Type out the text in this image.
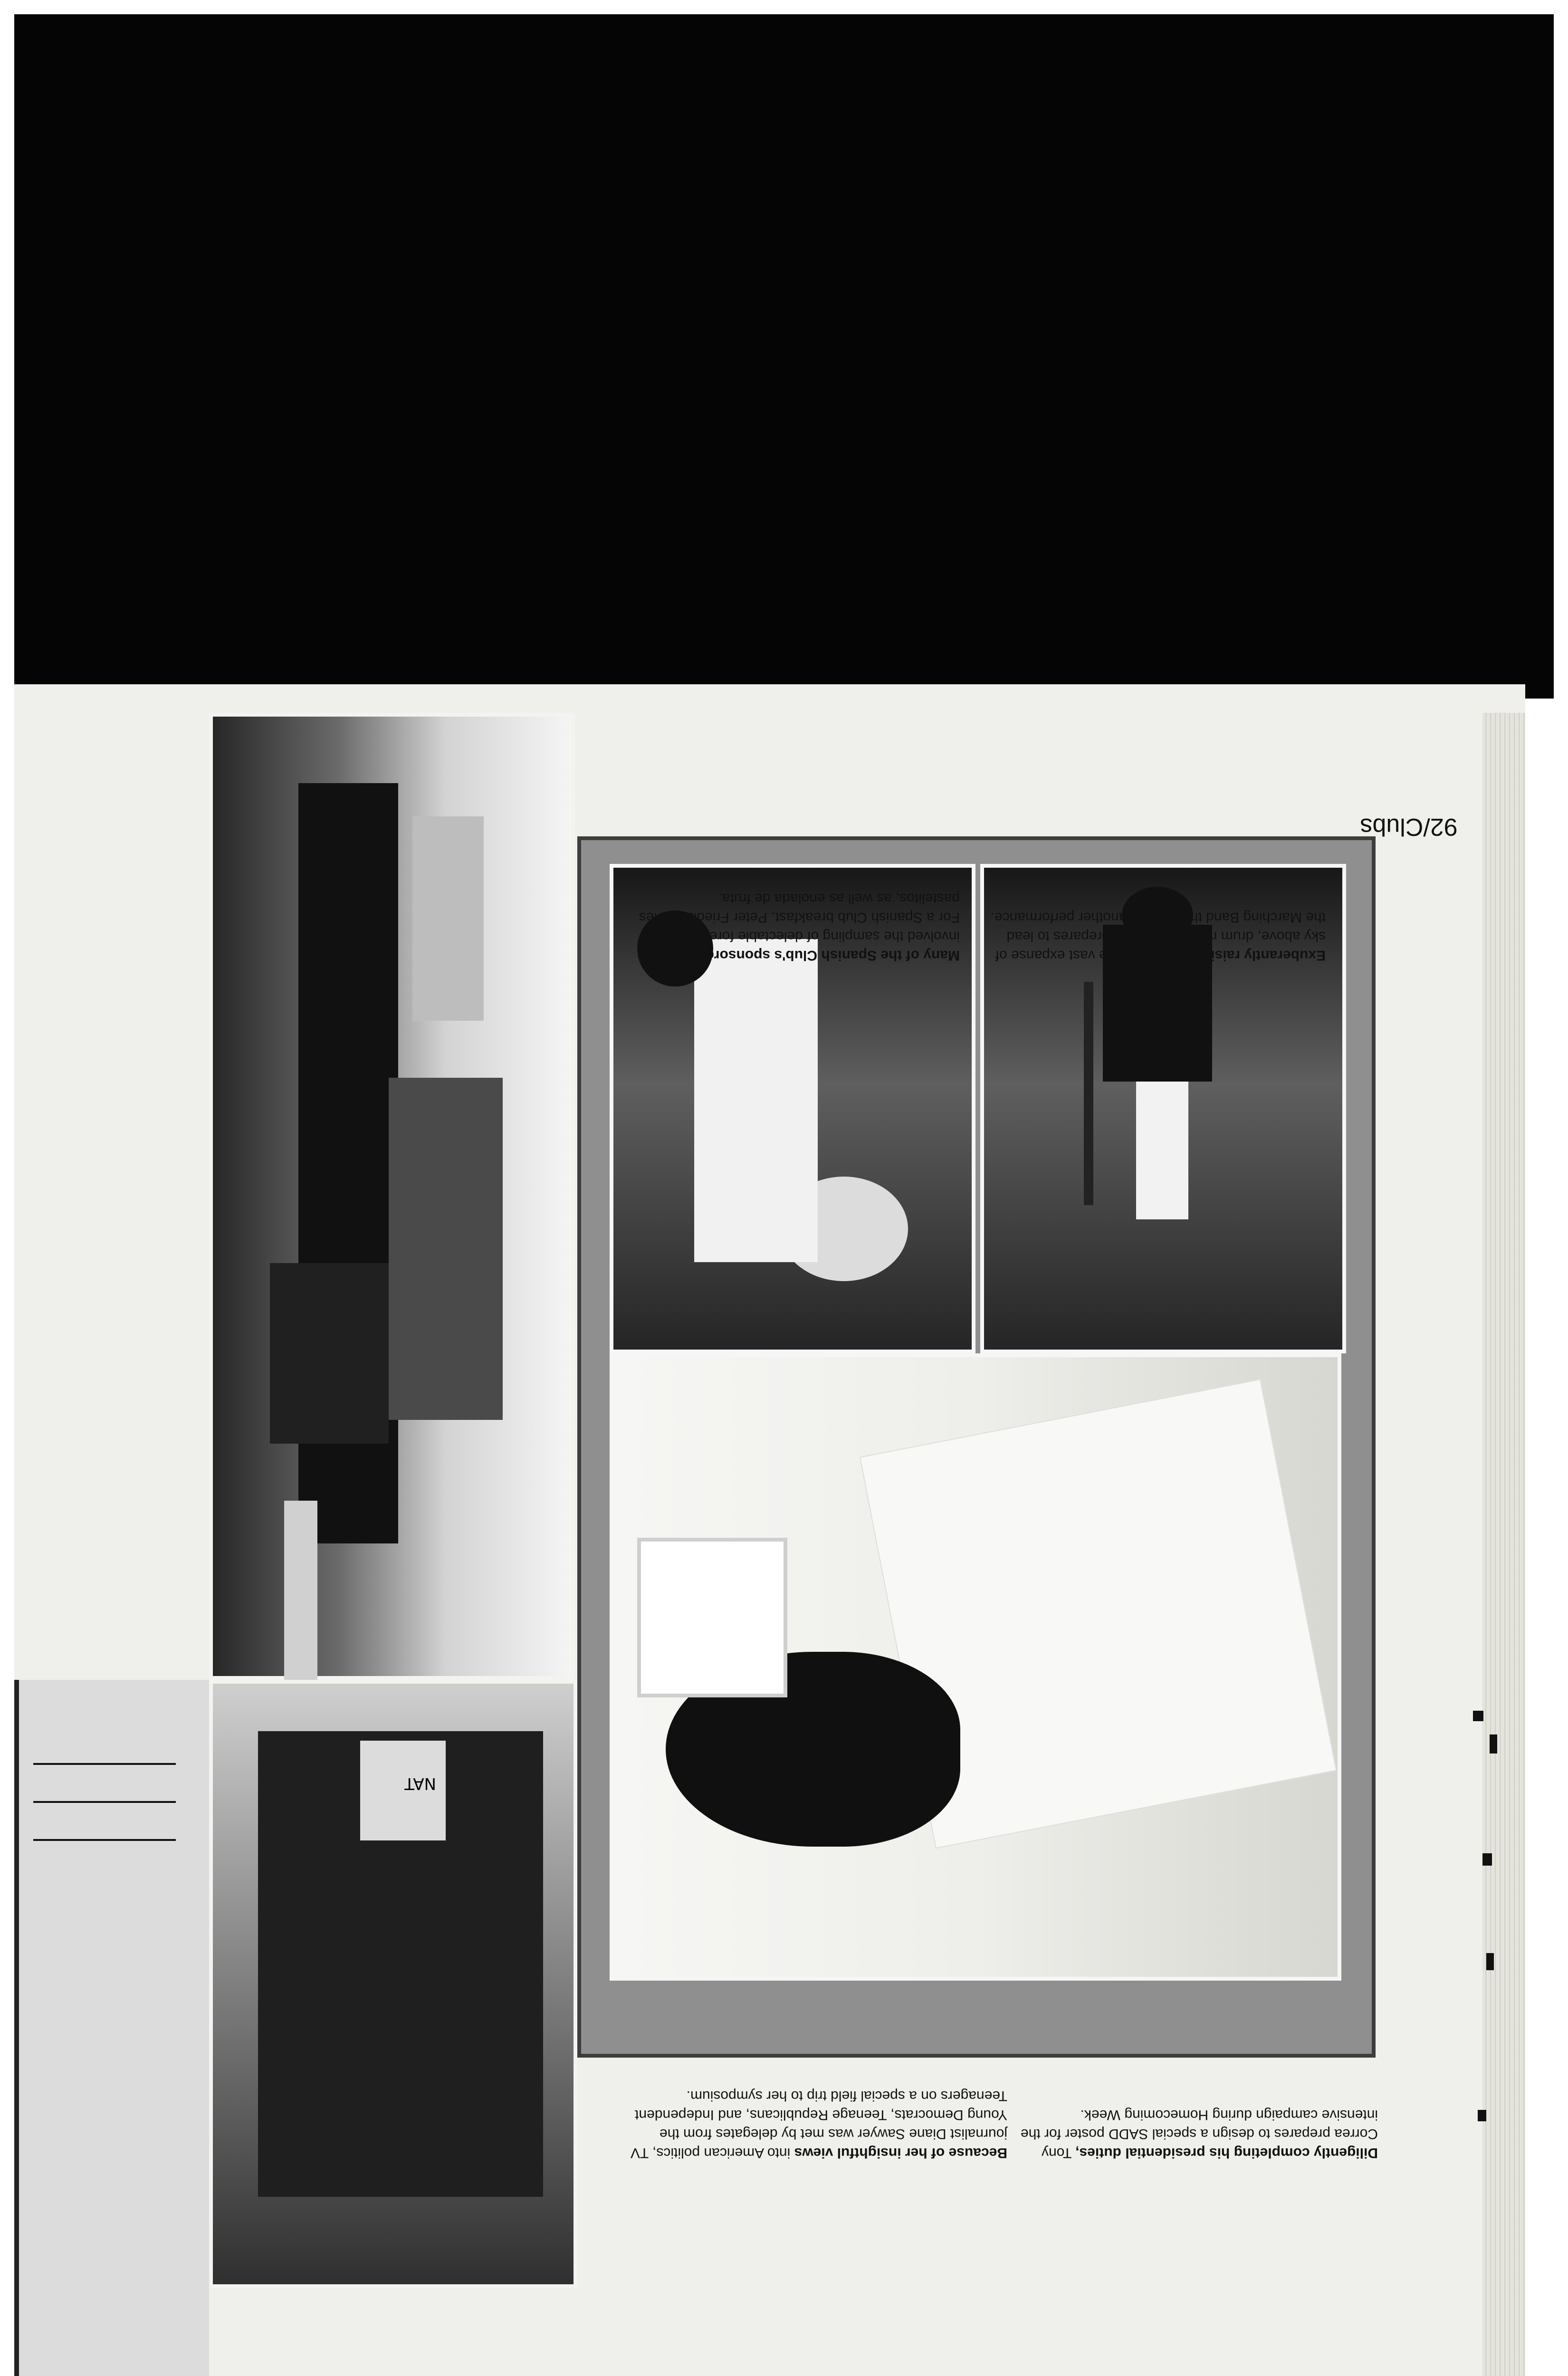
NAT
92/Clubs
Many of the Spanish Club's sponsored events involved the sampling of delectable foreign dishes. For a Spanish Club breakfast, Peter Friedland tries pastelitos, as well as enolada de fruta.
Exuberantly raising his arm to the vast expanse of sky above, drum major Sam Topp prepares to lead the Marching Band through yet another performance.
Because of her insightful views into American politics, TV journalist Diane Sawyer was met by delegates from the Young Democrats, Teenage Republicans, and Independent Teenagers on a special field trip to her symposium.
Diligently completing his presidential duties, Tony Correa prepares to design a special SADD poster for the intensive campaign during Homecoming Week.
